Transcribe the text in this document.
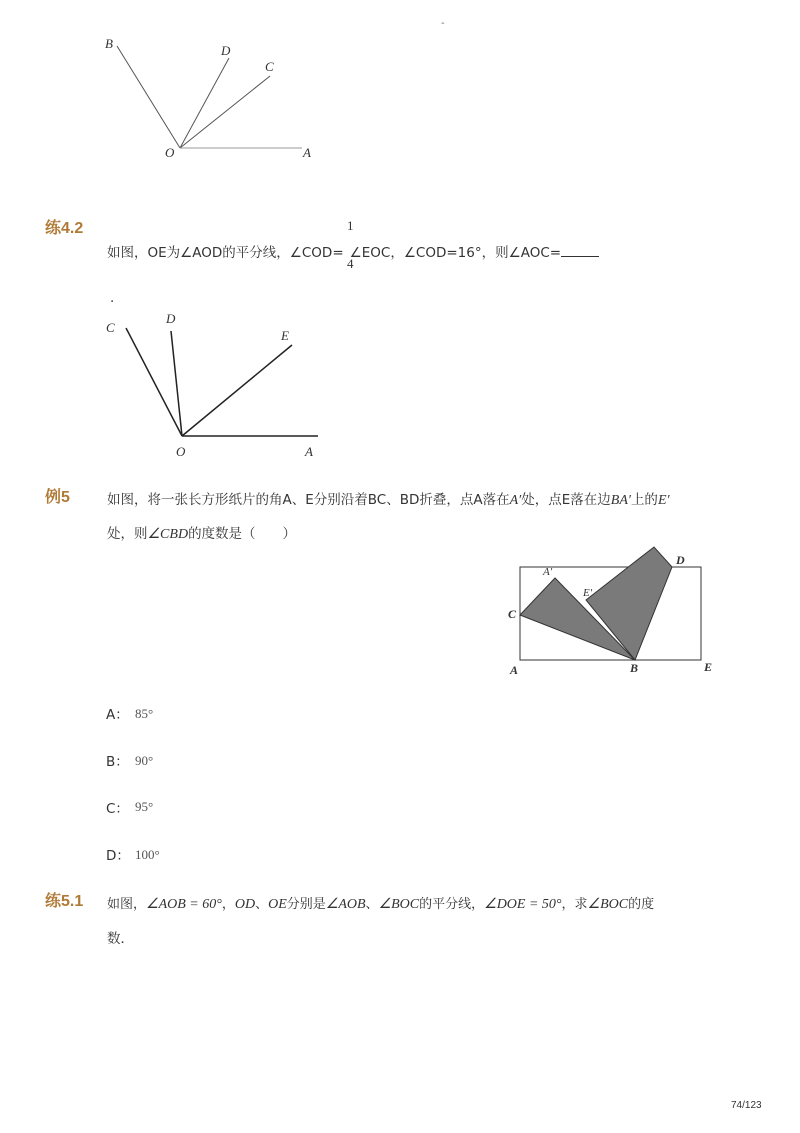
-
B	D
C
O	A
练4.2	1
4
如图，OE为∠AOD的平分线，∠COD= ∠EOC，∠COD=16°，则∠AOC=
.
C
D
E
O	A
例5	如图，将一张长方形纸片的角A、E分别沿着BC、BD折叠，点A落在A′处，点E落在边BA′上的E′
处，则∠CBD的度数是（　　）
A′
E′
C
D
A	B	E
A： 85°
B： 90°
C： 95°
D： 100°
练5.1 如图，∠AOB = 60°，OD、OE分别是∠AOB、∠BOC的平分线，∠DOE = 50°，求∠BOC的度
数．
74/123
